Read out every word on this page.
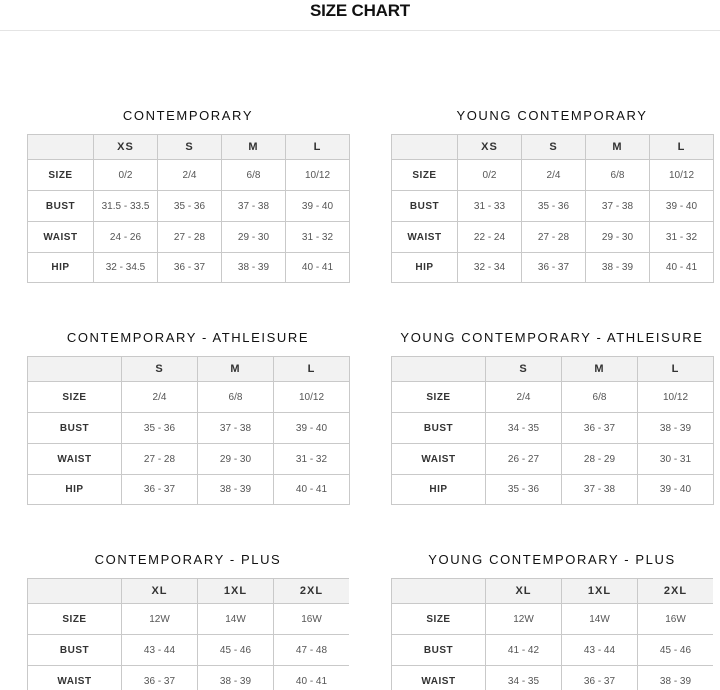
SIZE CHART
CONTEMPORARY
	XS	S	M	L
SIZE	0/2	2/4	6/8	10/12
BUST	31.5 - 33.5	35 - 36	37 - 38	39 - 40
WAIST	24 - 26	27 - 28	29 - 30	31 - 32
HIP	32 - 34.5	36 - 37	38 - 39	40 - 41
YOUNG CONTEMPORARY
	XS	S	M	L
SIZE	0/2	2/4	6/8	10/12
BUST	31 - 33	35 - 36	37 - 38	39 - 40
WAIST	22 - 24	27 - 28	29 - 30	31 - 32
HIP	32 - 34	36 - 37	38 - 39	40 - 41
CONTEMPORARY - ATHLEISURE
	S	M	L
SIZE	2/4	6/8	10/12
BUST	35 - 36	37 - 38	39 - 40
WAIST	27 - 28	29 - 30	31 - 32
HIP	36 - 37	38 - 39	40 - 41
YOUNG CONTEMPORARY - ATHLEISURE
	S	M	L
SIZE	2/4	6/8	10/12
BUST	34 - 35	36 - 37	38 - 39
WAIST	26 - 27	28 - 29	30 - 31
HIP	35 - 36	37 - 38	39 - 40
CONTEMPORARY - PLUS
	XL	1XL	2XL
SIZE	12W	14W	16W
BUST	43 - 44	45 - 46	47 - 48
WAIST	36 - 37	38 - 39	40 - 41
YOUNG CONTEMPORARY - PLUS
	XL	1XL	2XL
SIZE	12W	14W	16W
BUST	41 - 42	43 - 44	45 - 46
WAIST	34 - 35	36 - 37	38 - 39
